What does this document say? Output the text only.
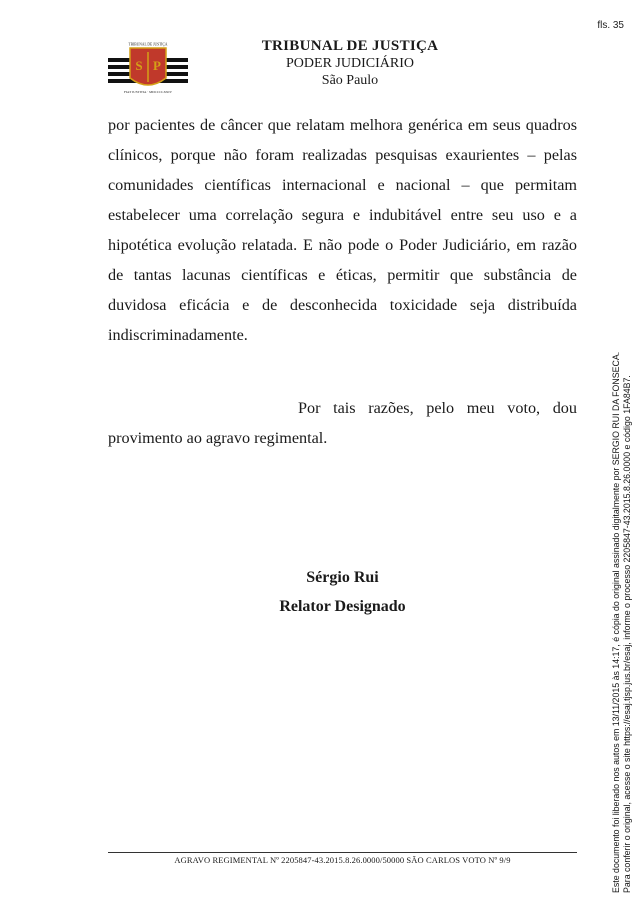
fls. 35
TRIBUNAL DE JUSTIÇA
S P
FIAT JUSTITIA · MDCCCLXXIV
TRIBUNAL DE JUSTIÇA
PODER JUDICIÁRIO
São Paulo
por pacientes de câncer que relatam melhora genérica em seus quadros clínicos, porque não foram realizadas pesquisas exaurientes – pelas comunidades científicas internacional e nacional – que permitam estabelecer uma correlação segura e indubitável entre seu uso e a hipotética evolução relatada. E não pode o Poder Judiciário, em razão de tantas lacunas científicas e éticas, permitir que substância de duvidosa eficácia e de desconhecida toxicidade seja distribuída indiscriminadamente.
Por tais razões, pelo meu voto, dou provimento ao agravo regimental.
Sérgio Rui
Relator Designado
AGRAVO REGIMENTAL Nº 2205847-43.2015.8.26.0000/50000 SÃO CARLOS VOTO Nº 9/9	Este documento foi liberado nos autos em 13/11/2015 às 14:17, é cópia do original assinado digitalmente por SERGIO RUI DA FONSECA. Para conferir o original, acesse o site https://esaj.tjsp.jus.br/esaj, informe o processo 2205847-43.2015.8.26.0000 e código 1FA84B7.
